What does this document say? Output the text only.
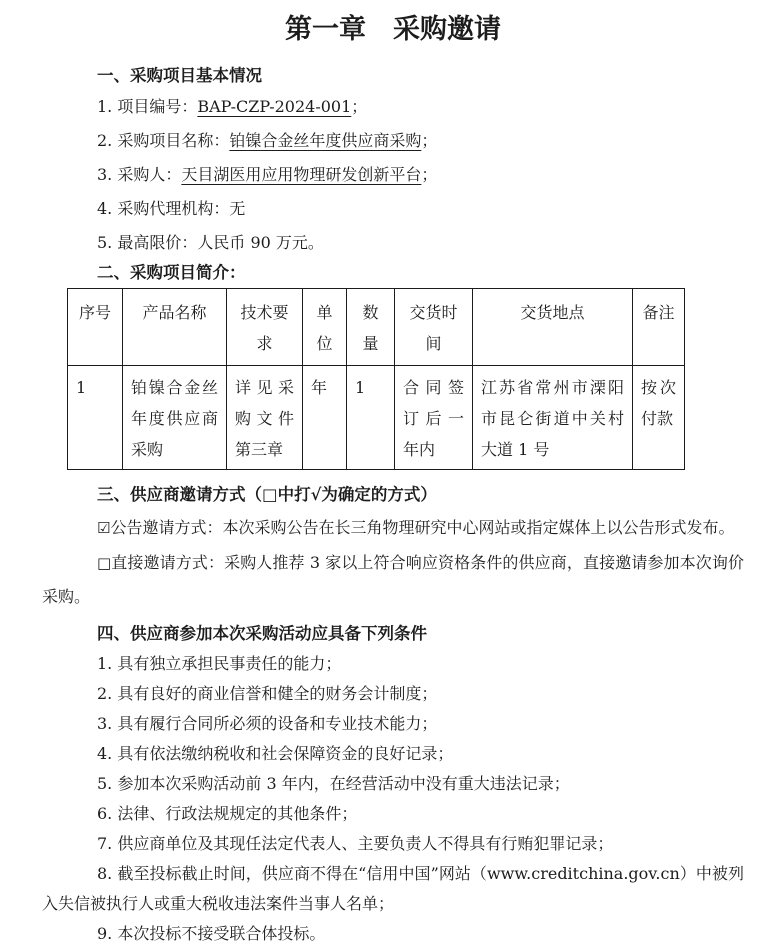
第一章　采购邀请

一、采购项目基本情况

1. 项目编号：BAP-CZP-2024-001；

2. 采购项目名称：铂镍合金丝年度供应商采购；

3. 采购人：天目湖医用应用物理研发创新平台；

4. 采购代理机构：无

5. 最高限价：人民币 90 万元。

二、采购项目简介：

序号	产品名称	技术要求	单位	数量	交货时间	交货地点	备注
1	铂镍合金丝年度供应商采购	详见采购文件第三章	年	1	合同签订后一年内	江苏省常州市溧阳市昆仑街道中关村大道 1 号	按次付款

三、供应商邀请方式（□中打√为确定的方式）

☑公告邀请方式：本次采购公告在长三角物理研究中心网站或指定媒体上以公告形式发布。

□直接邀请方式：采购人推荐 3 家以上符合响应资格条件的供应商，直接邀请参加本次询价采购。

四、供应商参加本次采购活动应具备下列条件

1. 具有独立承担民事责任的能力；

2. 具有良好的商业信誉和健全的财务会计制度；

3. 具有履行合同所必须的设备和专业技术能力；

4. 具有依法缴纳税收和社会保障资金的良好记录；

5. 参加本次采购活动前 3 年内，在经营活动中没有重大违法记录；

6. 法律、行政法规规定的其他条件；

7. 供应商单位及其现任法定代表人、主要负责人不得具有行贿犯罪记录；

8. 截至投标截止时间，供应商不得在“信用中国”网站（www.creditchina.gov.cn）中被列入失信被执行人或重大税收违法案件当事人名单；

9. 本次投标不接受联合体投标。
